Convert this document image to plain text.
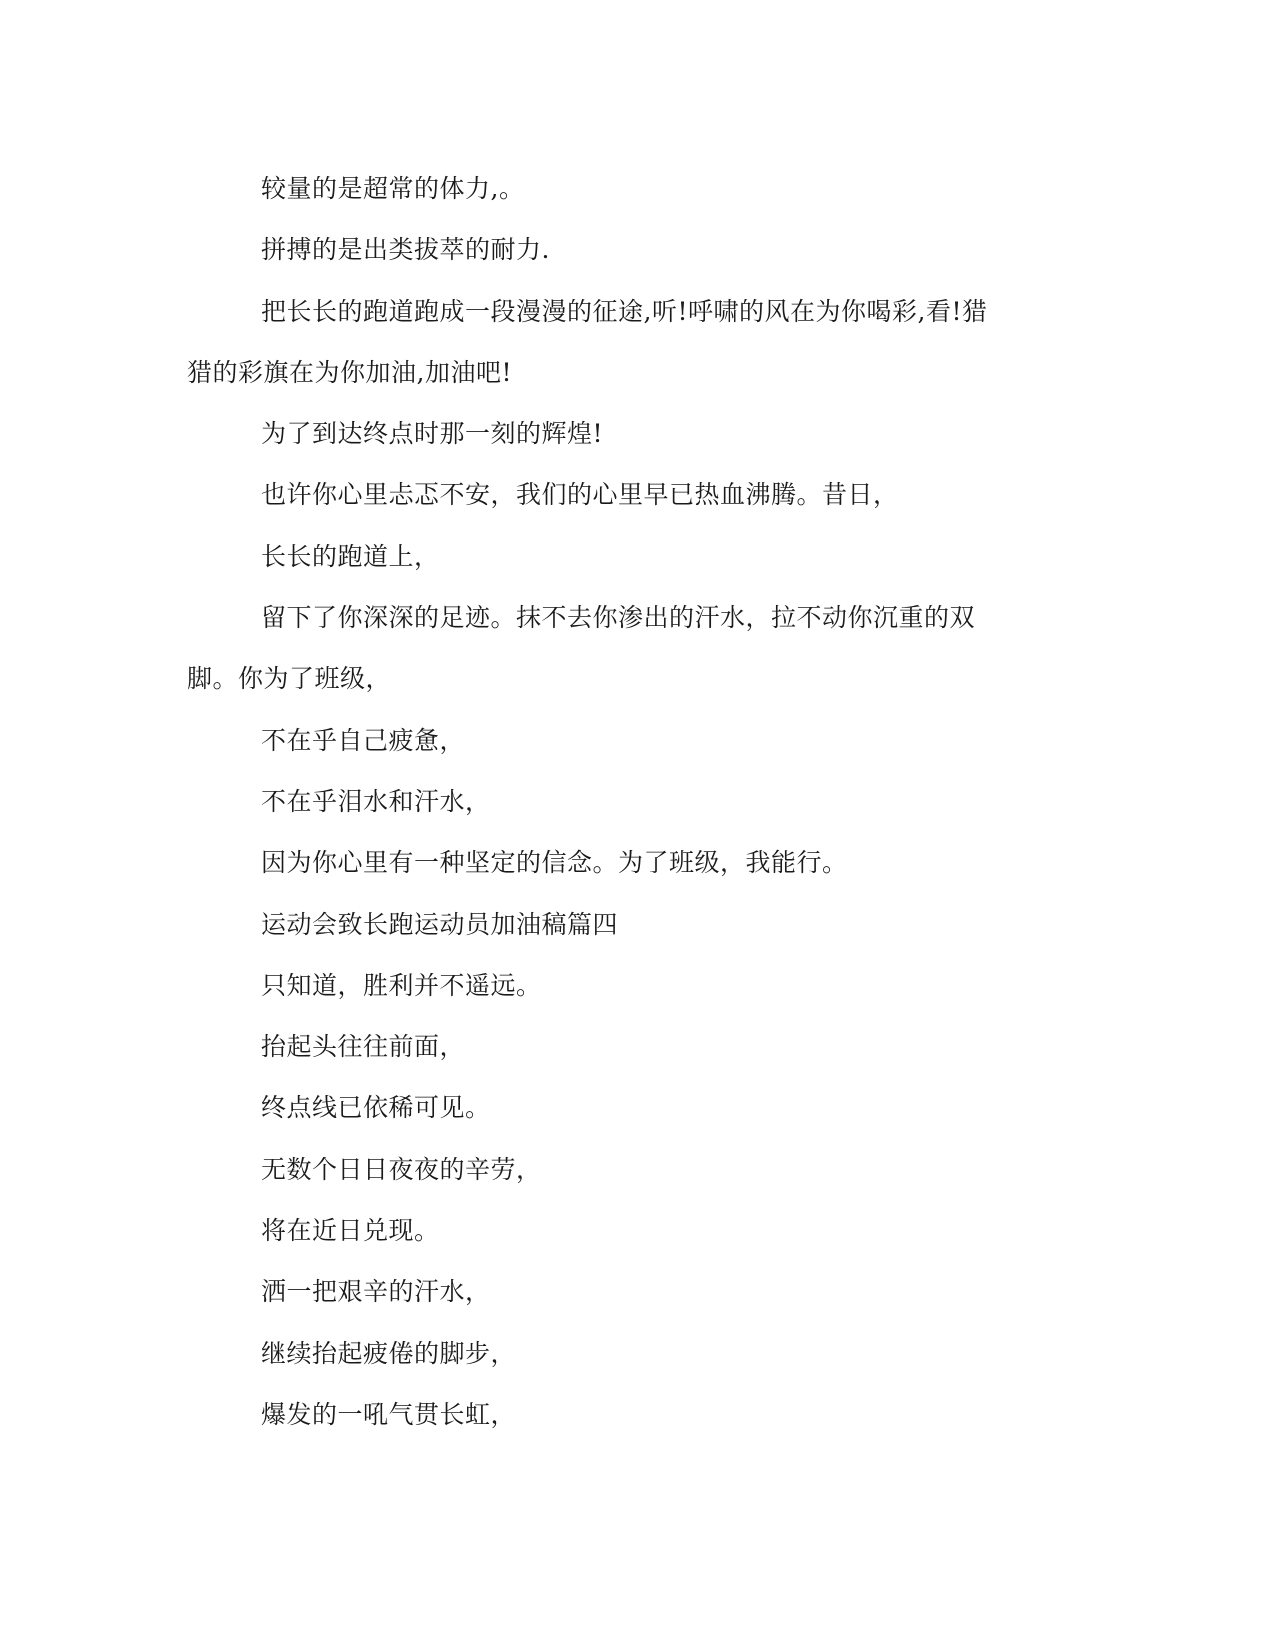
较量的是超常的体力,。
拼搏的是出类拔萃的耐力.
把长长的跑道跑成一段漫漫的征途,听!呼啸的风在为你喝彩,看!猎
猎的彩旗在为你加油,加油吧!
为了到达终点时那一刻的辉煌!
也许你心里忐忑不安，我们的心里早已热血沸腾。昔日，
长长的跑道上，
留下了你深深的足迹。抹不去你渗出的汗水，拉不动你沉重的双
脚。你为了班级，
不在乎自己疲惫，
不在乎泪水和汗水，
因为你心里有一种坚定的信念。为了班级，我能行。
运动会致长跑运动员加油稿篇四
只知道，胜利并不遥远。
抬起头往往前面，
终点线已依稀可见。
无数个日日夜夜的辛劳，
将在近日兑现。
洒一把艰辛的汗水，
继续抬起疲倦的脚步，
爆发的一吼气贯长虹，
